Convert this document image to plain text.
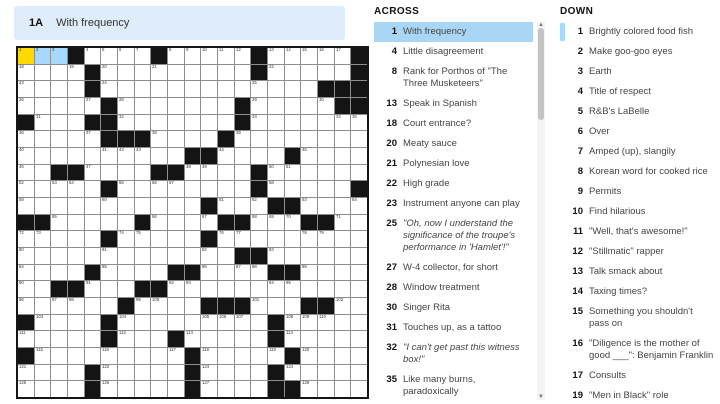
1A With frequency
1 2 3	4 5 6 7	8 9 10 11 12	13 14 15 16 17
18	19	20	21	22
23	24	25
26	27	28	29	30
31	32	33	34 35
36	37	38	39
40	41 42 43	44	45
46	47	48 49	50 51
52	53 54	55	56 57	58
59	60	61	62	63	64
65	66	67	68 69 70	71
72 73	74 75	76 77	78 79
80	81	82	83
84	85	86	87 88	89
90	91	92 93	94 95
96	97 98	99 100	101	102
103	104	105 106 107	108 109 110
111	112	113	114
115	116	117	118	119	120
121	122	123	124
125	126	127	128
ACROSS
1 With frequency
4 Little disagreement
8 Rank for Porthos of "The Three Musketeers"
13 Speak in Spanish
18 Court entrance?
20 Meaty sauce
21 Polynesian love
22 High grade
23 Instrument anyone can play
25 "Oh, now I understand the significance of the troupe's performance in 'Hamlet'!"
27 W-4 collector, for short
28 Window treatment
30 Singer Rita
31 Touches up, as a tattoo
32 "I can't get past this witness box!"
35 Like many burns, paradoxically
▲
▼
DOWN
1 Brightly colored food fish
2 Make goo-goo eyes
3 Earth
4 Title of respect
5 R&B's LaBelle
6 Over
7 Amped (up), slangily
8 Korean word for cooked rice
9 Permits
10 Find hilarious
11 "Well, that's awesome!"
12 "Stillmatic" rapper
13 Talk smack about
14 Taxing times?
15 Something you shouldn't pass on
16 "Diligence is the mother of good ___": Benjamin Franklin
17 Consults
19 "Men in Black" role
